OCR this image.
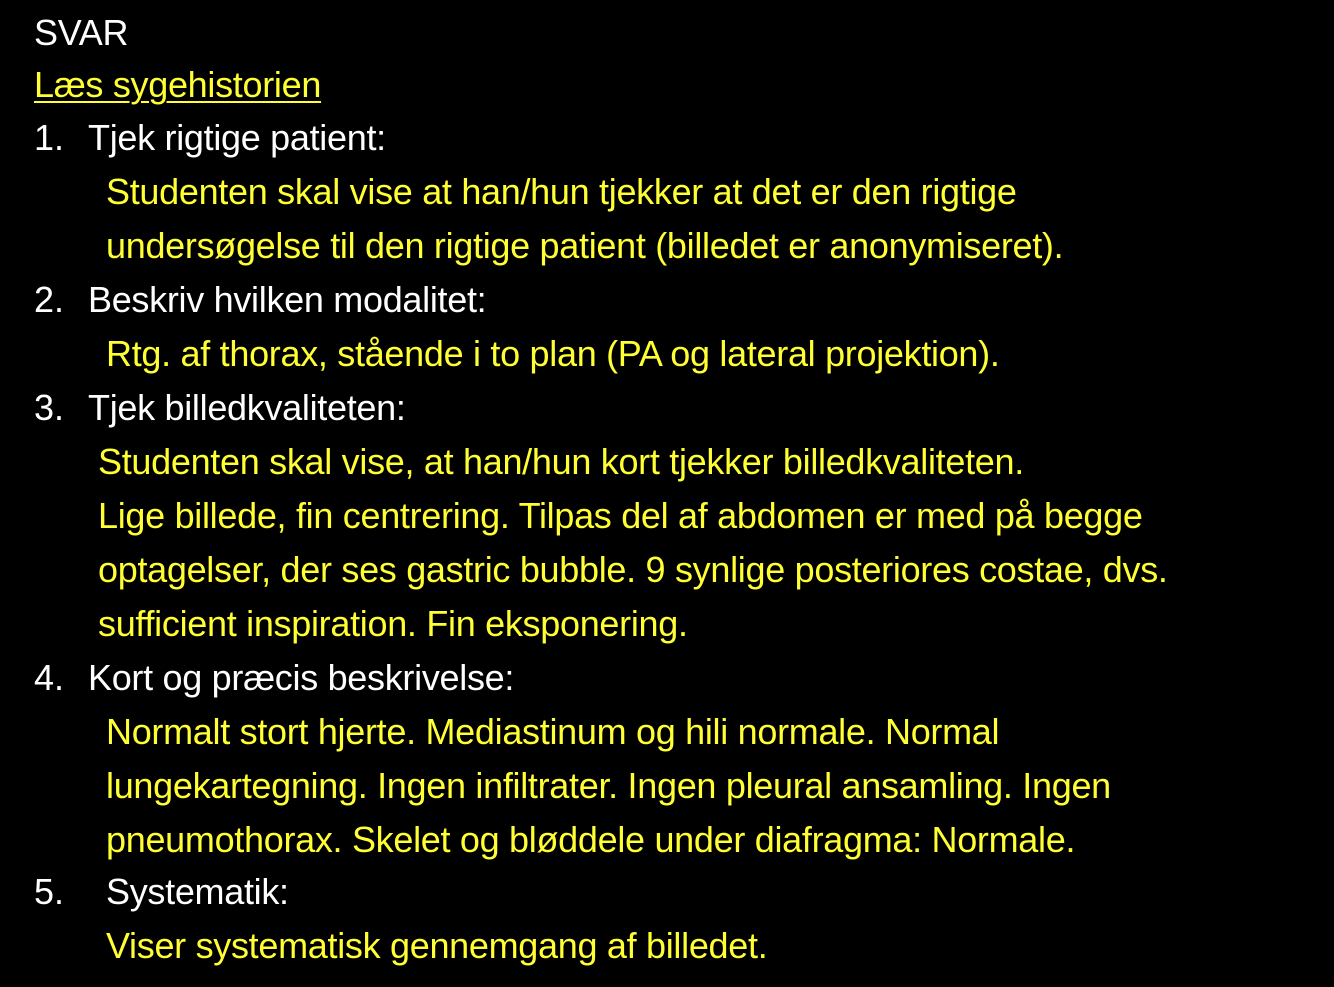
SVAR
Læs sygehistorien
1. Tjek rigtige patient:
Studenten skal vise at han/hun tjekker at det er den rigtige
undersøgelse til den rigtige patient (billedet er anonymiseret).
2. Beskriv hvilken modalitet:
Rtg. af thorax, stående i to plan (PA og lateral projektion).
3. Tjek billedkvaliteten:
Studenten skal vise, at han/hun kort tjekker billedkvaliteten.
Lige billede, fin centrering. Tilpas del af abdomen er med på begge
optagelser, der ses gastric bubble. 9 synlige posteriores costae, dvs.
sufficient inspiration. Fin eksponering.
4. Kort og præcis beskrivelse:
Normalt stort hjerte. Mediastinum og hili normale. Normal
lungekartegning. Ingen infiltrater. Ingen pleural ansamling. Ingen
pneumothorax. Skelet og bløddele under diafragma: Normale.
5. Systematik:
Viser systematisk gennemgang af billedet.
